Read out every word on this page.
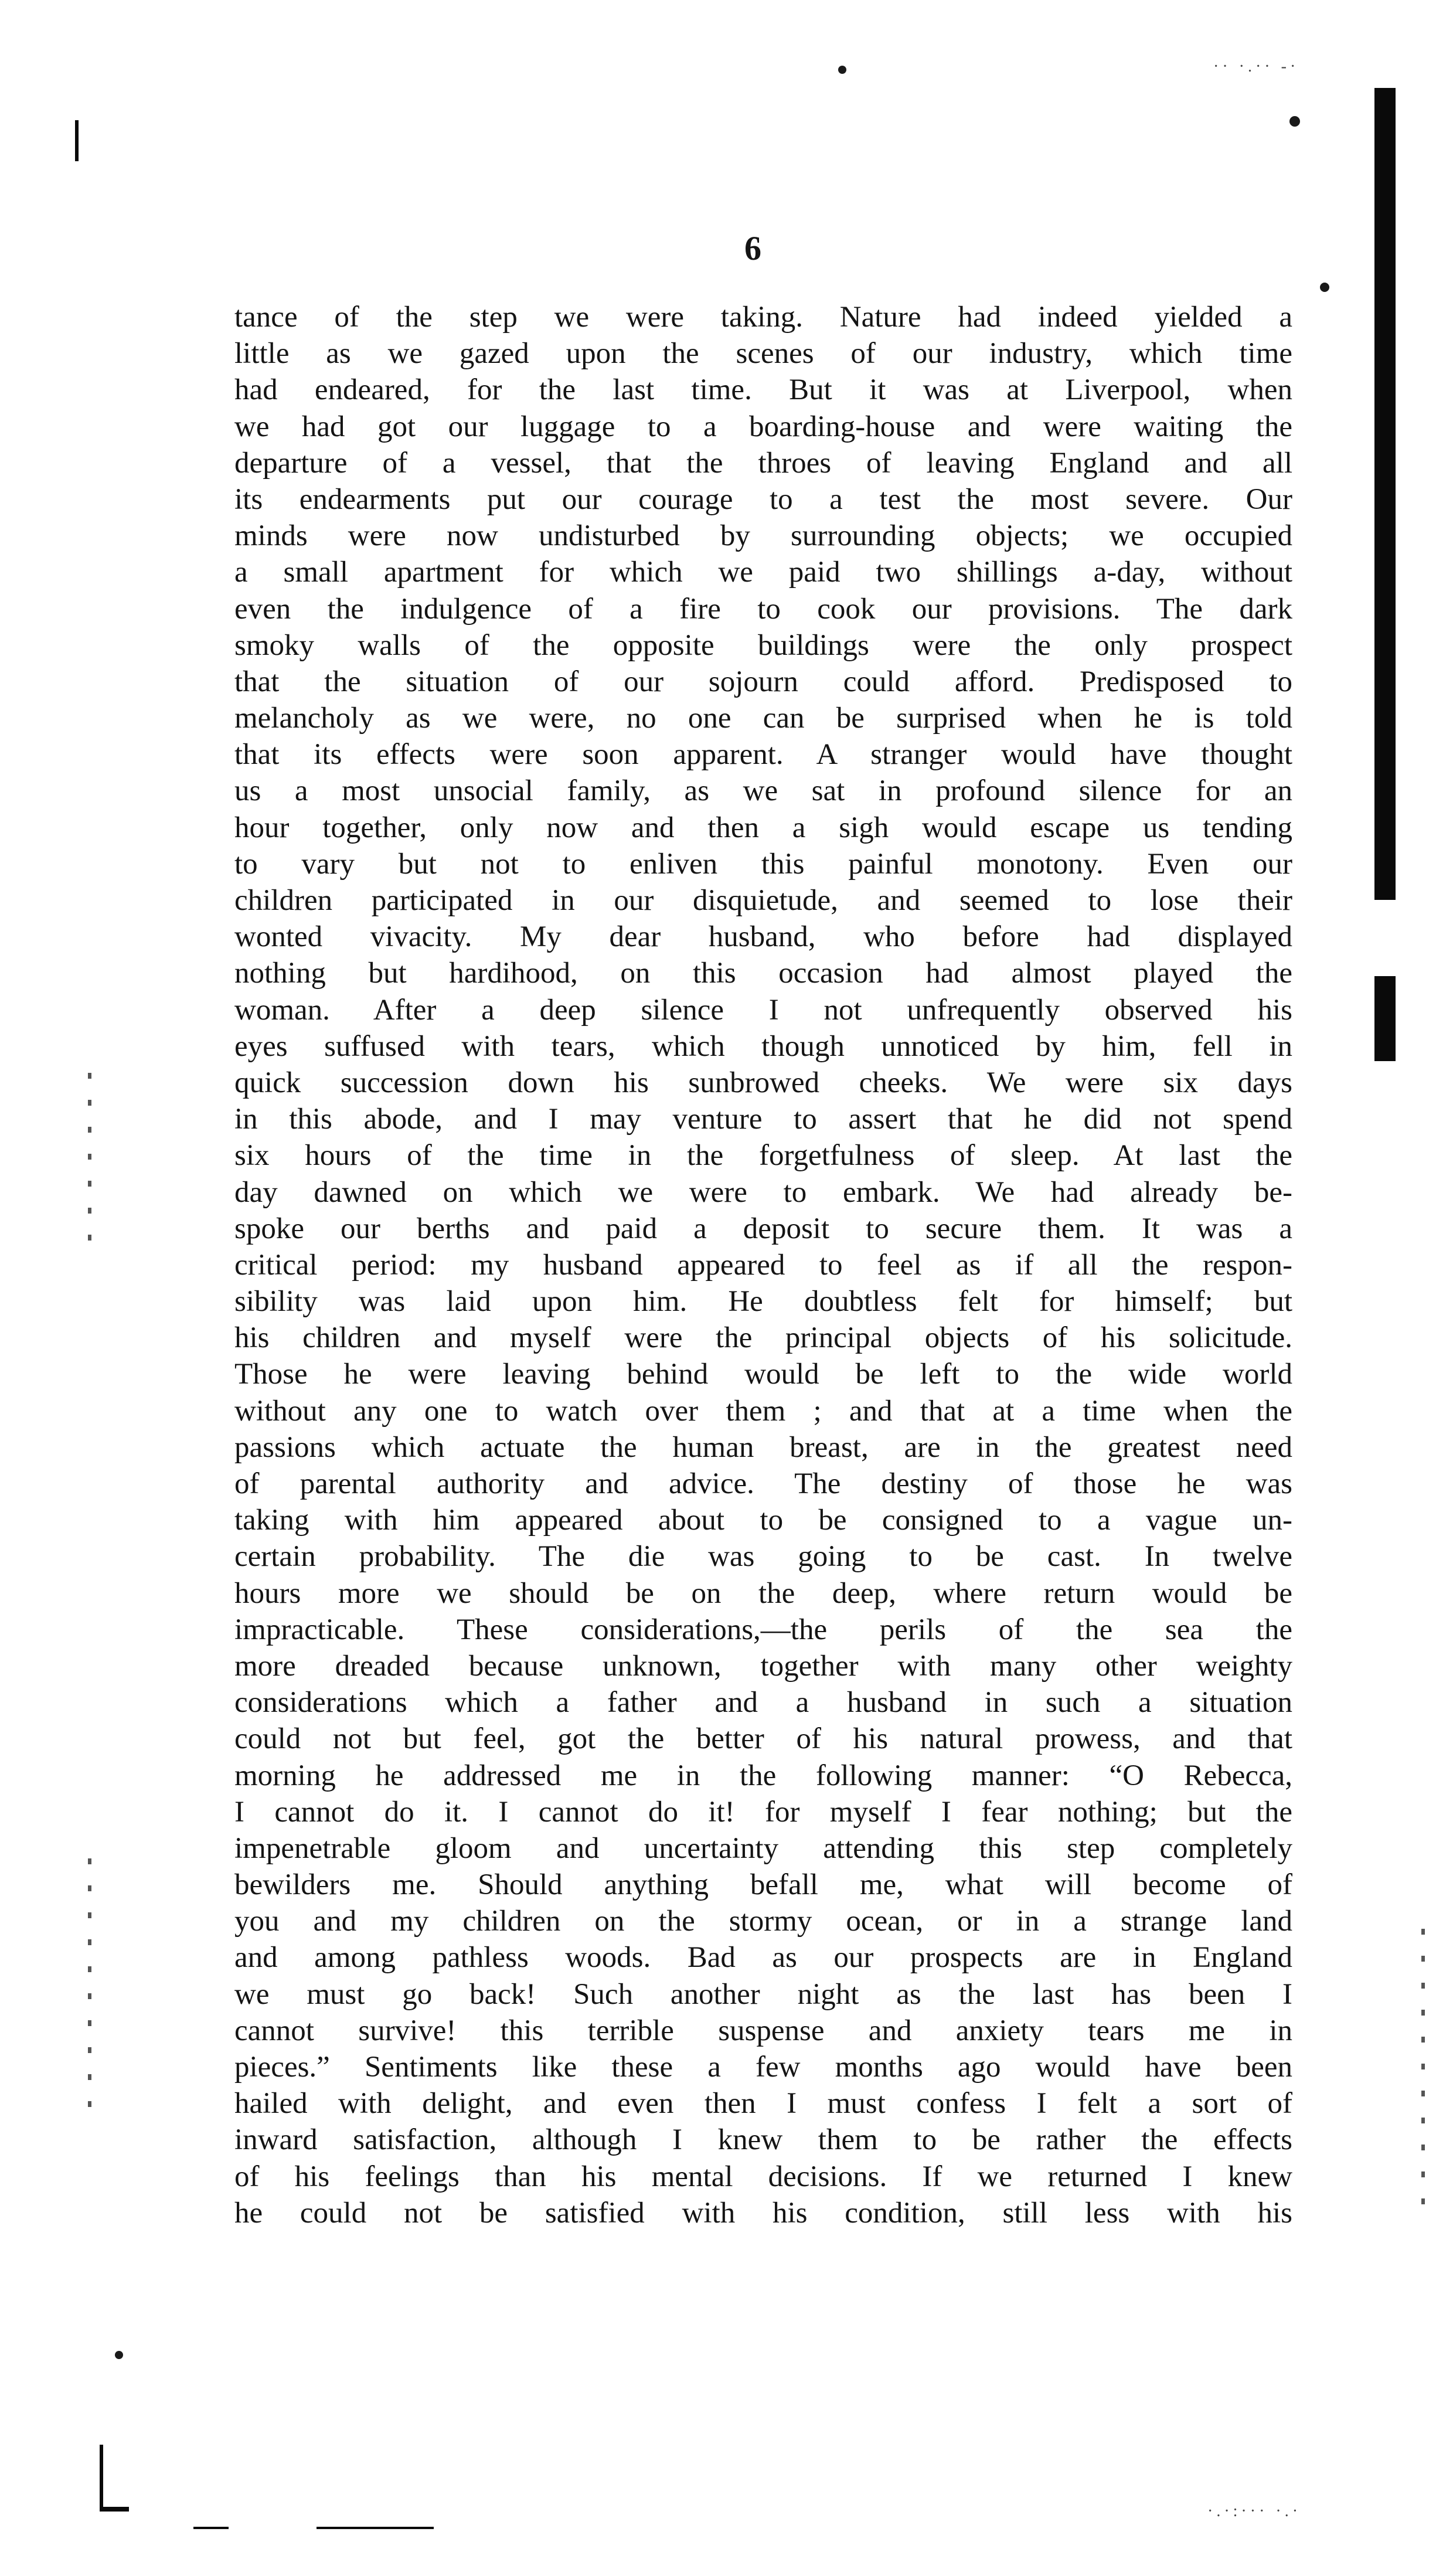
·· ·.·· -·
·.·:··· ·.·
6
tance of the step we were taking. Nature had indeed yielded a
little as we gazed upon the scenes of our industry, which time
had endeared, for the last time. But it was at Liverpool, when
we had got our luggage to a boarding-house and were waiting the
departure of a vessel, that the throes of leaving England and all
its endearments put our courage to a test the most severe. Our
minds were now undisturbed by surrounding objects; we occupied
a small apartment for which we paid two shillings a-day, without
even the indulgence of a fire to cook our provisions. The dark
smoky walls of the opposite buildings were the only prospect
that the situation of our sojourn could afford. Predisposed to
melancholy as we were, no one can be surprised when he is told
that its effects were soon apparent. A stranger would have thought
us a most unsocial family, as we sat in profound silence for an
hour together, only now and then a sigh would escape us tending
to vary but not to enliven this painful monotony. Even our
children participated in our disquietude, and seemed to lose their
wonted vivacity. My dear husband, who before had displayed
nothing but hardihood, on this occasion had almost played the
woman. After a deep silence I not unfrequently observed his
eyes suffused with tears, which though unnoticed by him, fell in
quick succession down his sunbrowed cheeks. We were six days
in this abode, and I may venture to assert that he did not spend
six hours of the time in the forgetfulness of sleep. At last the
day dawned on which we were to embark. We had already be-
spoke our berths and paid a deposit to secure them. It was a
critical period: my husband appeared to feel as if all the respon-
sibility was laid upon him. He doubtless felt for himself; but
his children and myself were the principal objects of his solicitude.
Those he were leaving behind would be left to the wide world
without any one to watch over them ; and that at a time when the
passions which actuate the human breast, are in the greatest need
of parental authority and advice. The destiny of those he was
taking with him appeared about to be consigned to a vague un-
certain probability. The die was going to be cast. In twelve
hours more we should be on the deep, where return would be
impracticable. These considerations,—the perils of the sea the
more dreaded because unknown, together with many other weighty
considerations which a father and a husband in such a situation
could not but feel, got the better of his natural prowess, and that
morning he addressed me in the following manner: “O Rebecca,
I cannot do it. I cannot do it! for myself I fear nothing; but the
impenetrable gloom and uncertainty attending this step completely
bewilders me. Should anything befall me, what will become of
you and my children on the stormy ocean, or in a strange land
and among pathless woods. Bad as our prospects are in England
we must go back! Such another night as the last has been I
cannot survive! this terrible suspense and anxiety tears me in
pieces.” Sentiments like these a few months ago would have been
hailed with delight, and even then I must confess I felt a sort of
inward satisfaction, although I knew them to be rather the effects
of his feelings than his mental decisions. If we returned I knew
he could not be satisfied with his condition, still less with his
